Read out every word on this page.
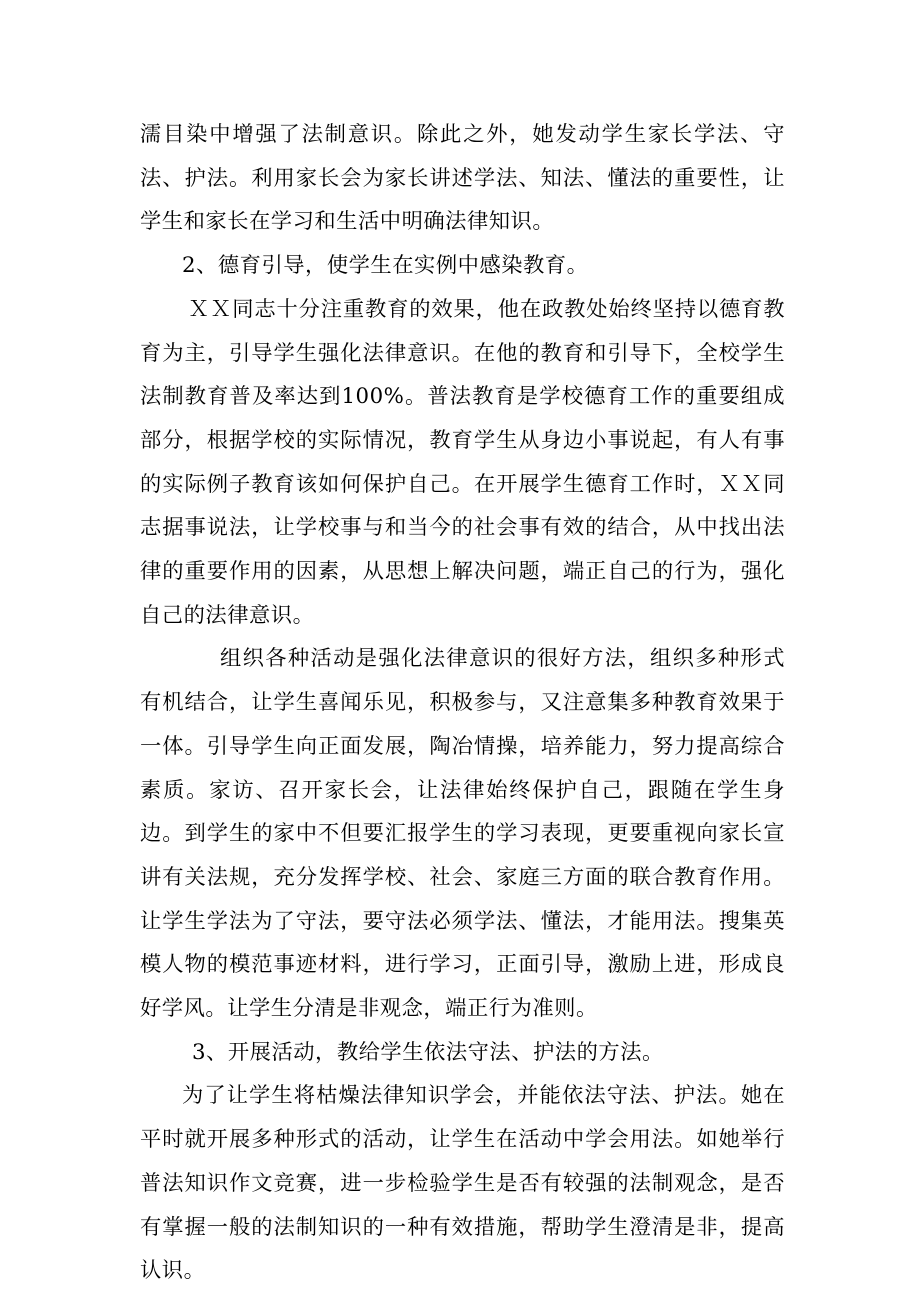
濡目染中增强了法制意识。除此之外，她发动学生家长学法、守法、护法。利用家长会为家长讲述学法、知法、懂法的重要性，让学生和家长在学习和生活中明确法律知识。

2、德育引导，使学生在实例中感染教育。

ＸＸ同志十分注重教育的效果，他在政教处始终坚持以德育教育为主，引导学生强化法律意识。在他的教育和引导下，全校学生法制教育普及率达到100%。普法教育是学校德育工作的重要组成部分，根据学校的实际情况，教育学生从身边小事说起，有人有事的实际例子教育该如何保护自己。在开展学生德育工作时，ＸＸ同志据事说法，让学校事与和当今的社会事有效的结合，从中找出法律的重要作用的因素，从思想上解决问题，端正自己的行为，强化自己的法律意识。

组织各种活动是强化法律意识的很好方法，组织多种形式有机结合，让学生喜闻乐见，积极参与，又注意集多种教育效果于一体。引导学生向正面发展，陶冶情操，培养能力，努力提高综合素质。家访、召开家长会，让法律始终保护自己，跟随在学生身边。到学生的家中不但要汇报学生的学习表现，更要重视向家长宣讲有关法规，充分发挥学校、社会、家庭三方面的联合教育作用。让学生学法为了守法，要守法必须学法、懂法，才能用法。搜集英模人物的模范事迹材料，进行学习，正面引导，激励上进，形成良好学风。让学生分清是非观念，端正行为准则。

3、开展活动，教给学生依法守法、护法的方法。

为了让学生将枯燥法律知识学会，并能依法守法、护法。她在平时就开展多种形式的活动，让学生在活动中学会用法。如她举行普法知识作文竞赛，进一步检验学生是否有较强的法制观念，是否有掌握一般的法制知识的一种有效措施，帮助学生澄清是非，提高认识。
